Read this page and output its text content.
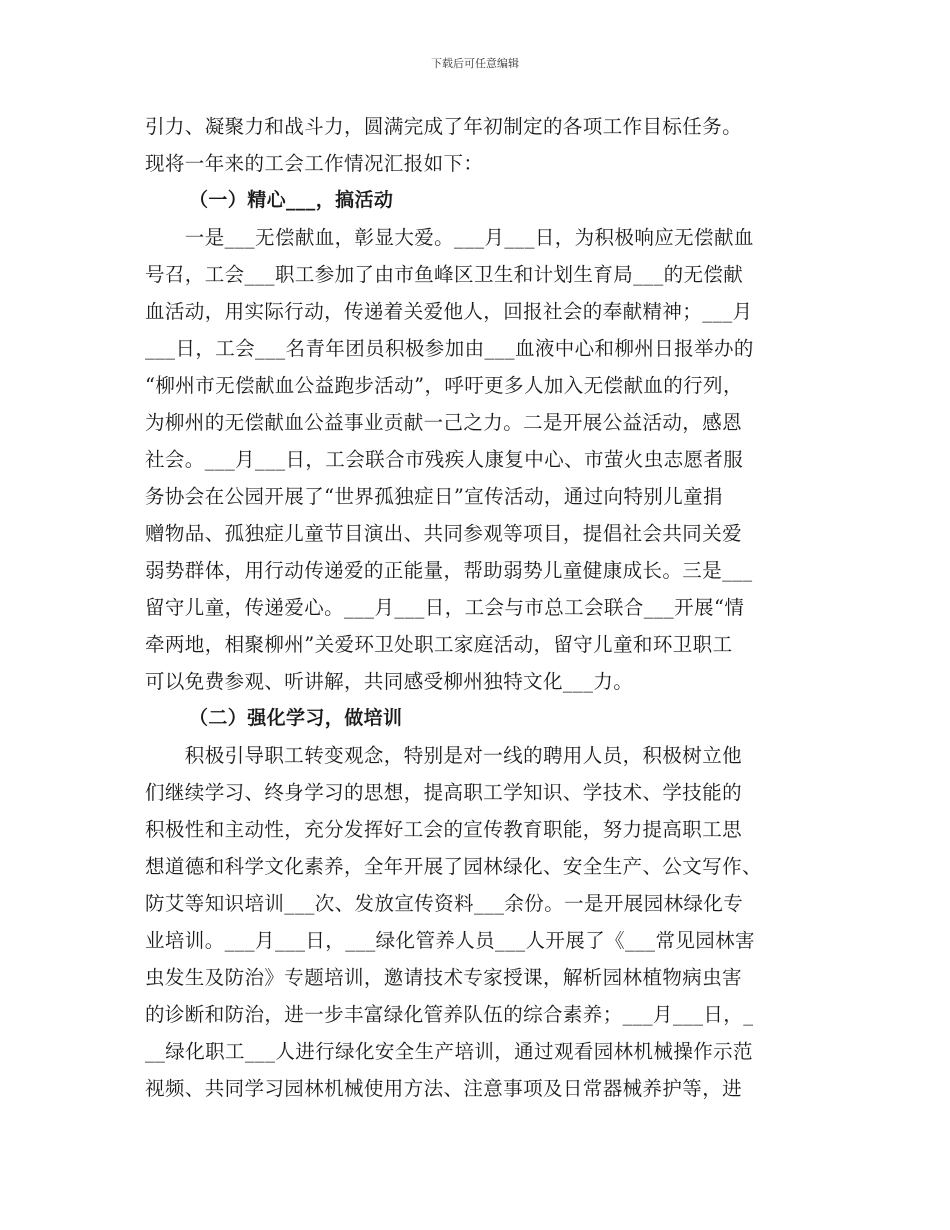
下载后可任意编辑
引力、凝聚力和战斗力，圆满完成了年初制定的各项工作目标任务。
现将一年来的工会工作情况汇报如下：
（一）精心___，搞活动
　　一是___无偿献血，彰显大爱。___月___日，为积极响应无偿献血
号召，工会___职工参加了由市鱼峰区卫生和计划生育局___的无偿献
血活动，用实际行动，传递着关爱他人，回报社会的奉献精神；___月
___日，工会___名青年团员积极参加由___血液中心和柳州日报举办的
“柳州市无偿献血公益跑步活动”，呼吁更多人加入无偿献血的行列，
为柳州的无偿献血公益事业贡献一己之力。二是开展公益活动，感恩
社会。___月___日，工会联合市残疾人康复中心、市萤火虫志愿者服
务协会在公园开展了“世界孤独症日”宣传活动，通过向特别儿童捐
赠物品、孤独症儿童节目演出、共同参观等项目，提倡社会共同关爱
弱势群体，用行动传递爱的正能量，帮助弱势儿童健康成长。三是___
留守儿童，传递爱心。___月___日，工会与市总工会联合___开展“情
牵两地，相聚柳州”关爱环卫处职工家庭活动，留守儿童和环卫职工
可以免费参观、听讲解，共同感受柳州独特文化___力。
（二）强化学习，做培训
　　积极引导职工转变观念，特别是对一线的聘用人员，积极树立他
们继续学习、终身学习的思想，提高职工学知识、学技术、学技能的
积极性和主动性，充分发挥好工会的宣传教育职能，努力提高职工思
想道德和科学文化素养，全年开展了园林绿化、安全生产、公文写作、
防艾等知识培训___次、发放宣传资料___余份。一是开展园林绿化专
业培训。___月___日，___绿化管养人员___人开展了《___常见园林害
虫发生及防治》专题培训，邀请技术专家授课，解析园林植物病虫害
的诊断和防治，进一步丰富绿化管养队伍的综合素养；___月___日，_
__绿化职工___人进行绿化安全生产培训，通过观看园林机械操作示范
视频、共同学习园林机械使用方法、注意事项及日常器械养护等，进
